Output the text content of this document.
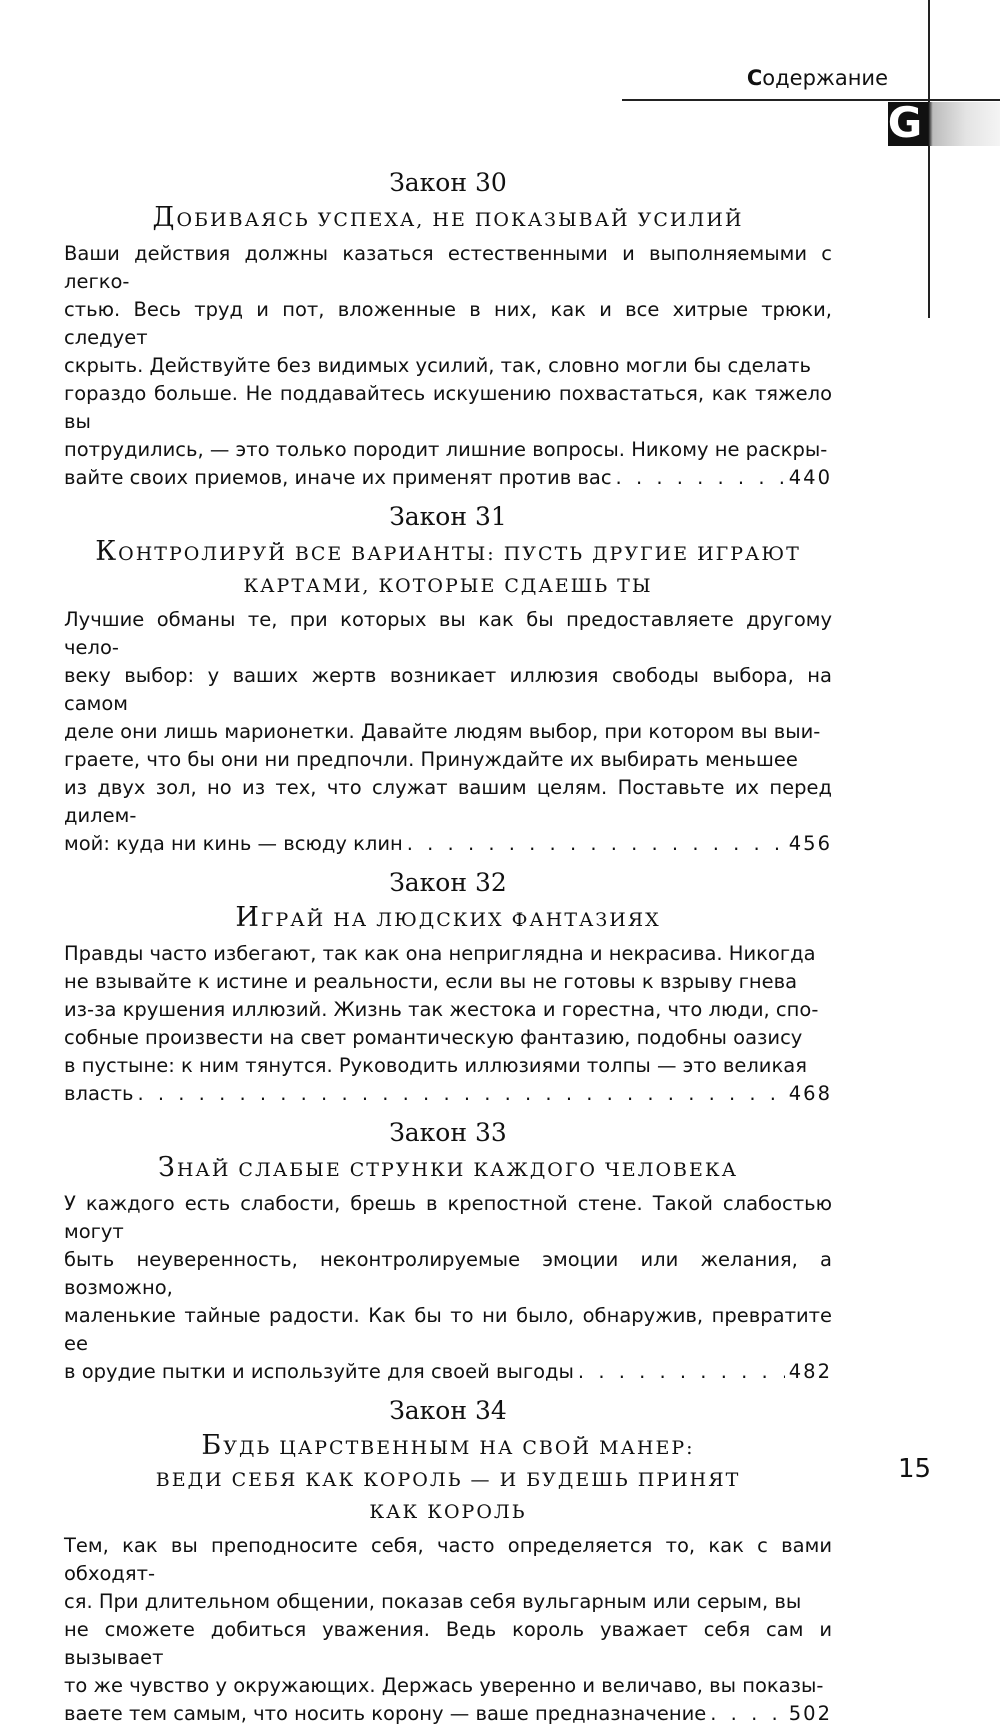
Содержание
G
Закон 30
ДОБИВАЯСЬ УСПЕХА, НЕ ПОКАЗЫВАЙ УСИЛИЙ
Ваши действия должны казаться естественными и выполняемыми с легко-
стью. Весь труд и пот, вложенные в них, как и все хитрые трюки, следует
скрыть. Действуйте без видимых усилий, так, словно могли бы сделать
гораздо больше. Не поддавайтесь искушению похвастаться, как тяжело вы
потрудились, — это только породит лишние вопросы. Никому не раскры-
вайте своих приемов, иначе их применят против вас . . .	440
Закон 31
КОНТРОЛИРУЙ ВСЕ ВАРИАНТЫ: ПУСТЬ ДРУГИЕ ИГРАЮТ
КАРТАМИ, КОТОРЫЕ СДАЕШЬ ТЫ
Лучшие обманы те, при которых вы как бы предоставляете другому чело-
веку выбор: у ваших жертв возникает иллюзия свободы выбора, на самом
деле они лишь марионетки. Давайте людям выбор, при котором вы выи-
граете, что бы они ни предпочли. Принуждайте их выбирать меньшее
из двух зол, но из тех, что служат вашим целям. Поставьте их перед дилем-
мой: куда ни кинь — всюду клин . . .	456
Закон 32
ИГРАЙ НА ЛЮДСКИХ ФАНТАЗИЯХ
Правды часто избегают, так как она неприглядна и некрасива. Никогда
не взывайте к истине и реальности, если вы не готовы к взрыву гнева
из-за крушения иллюзий. Жизнь так жестока и горестна, что люди, спо-
собные произвести на свет романтическую фантазию, подобны оазису
в пустыне: к ним тянутся. Руководить иллюзиями толпы — это великая
власть . . .	468
Закон 33
ЗНАЙ СЛАБЫЕ СТРУНКИ КАЖДОГО ЧЕЛОВЕКА
У каждого есть слабости, брешь в крепостной стене. Такой слабостью могут
быть неуверенность, неконтролируемые эмоции или желания, а возможно,
маленькие тайные радости. Как бы то ни было, обнаружив, превратите ее
в орудие пытки и используйте для своей выгоды . . .	482
Закон 34
БУДЬ ЦАРСТВЕННЫМ НА СВОЙ МАНЕР:
ВЕДИ СЕБЯ КАК КОРОЛЬ — И БУДЕШЬ ПРИНЯТ
КАК КОРОЛЬ
Тем, как вы преподносите себя, часто определяется то, как с вами обходят-
ся. При длительном общении, показав себя вульгарным или серым, вы
не сможете добиться уважения. Ведь король уважает себя сам и вызывает
то же чувство у окружающих. Держась уверенно и величаво, вы показы-
ваете тем самым, что носить корону — ваше предназначение . . .	502
15
